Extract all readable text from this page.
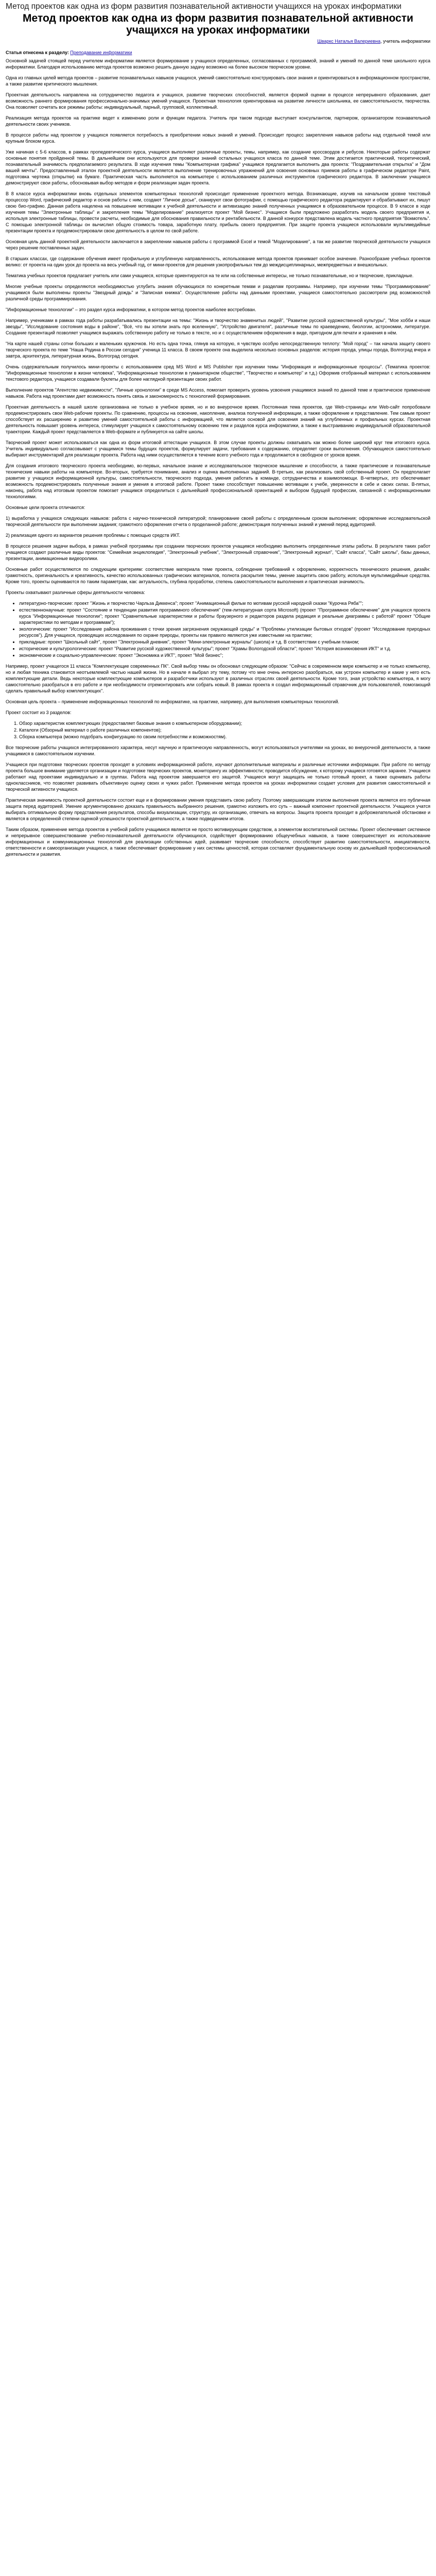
Метод проектов как одна из форм развития познавательной активности учащихся на уроках информатики
Метод проектов как одна из форм развития познавательной активности учащихся на уроках информатики
Шваркс Наталья Валериевна, учитель информатики
Статья отнесена к разделу: Преподавание информатики

Основной задачей стоящей перед учителем информатики является формирование у учащихся определенных, согласованных с программой, знаний и умений по данной теме школьного курса информатики. Благодаря использованию метода проектов возможно решить данную задачу возможно на более высоком творческом уровне.

Одна из главных целей метода проектов – развитие познавательных навыков учащихся, умений самостоятельно конструировать свои знания и ориентироваться в информационном пространстве, а также развитие критического мышления.

Проектная деятельность направлена на сотрудничество педагога и учащихся, развитие творческих способностей, является формой оценки в процессе непрерывного образования, дает возможность раннего формирования профессионально-значимых умений учащихся. Проектная технология ориентирована на развитие личности школьника, ее самостоятельности, творчества. Она позволяет сочетать все режимы работы: индивидуальный, парный, групповой, коллективный.

Реализация метода проектов на практике ведет к изменению роли и функции педагога. Учитель при таком подходе выступает консультантом, партнером, организатором познавательной деятельности своих учеников.

В процессе работы над проектом у учащихся появляется потребность в приобретении новых знаний и умений. Происходит процесс закрепления навыков работы над отдельной темой или крупным блоком курса.

Уже начиная с 5-6 классов, в рамках пропедевтического курса, учащиеся выполняют различные проекты, темы, например, как создание кроссвордов и ребусов. Некоторые работы содержат основные понятия пройденной темы. В дальнейшем они используются для проверки знаний остальных учащихся класса по данной теме. Этим достигается практический, теоретический, познавательный значимость предполагаемого результата. В ходе изучения темы "Компьютерная графика" учащимся предлагается выполнить два проекта: "Поздравительная открытка" и "Дом вашей мечты". Предоставленный эталон проектной деятельности является выполнение тренировочных упражнений для освоения основных приемов работы в графическом редакторе Paint, подготовка чертежа (открытки) на бумаге. Практическая часть выполняется на компьютере с использованием различных инструментов графического редактора. В заключении учащиеся демонстрируют свои работы, обосновывая выбор методов и форм реализации задач проекта.

В 8 классе курса информатики вновь отдельных элементов компьютерных технологий происходит применение проектного метода. Возникающие, изучив на начальном уровне текстовый процессор Word, графический редактор и основ работы с ним, создают "Личное досье", сканируют свои фотографии, с помощью графического редактора редактируют и обрабатывают их, пишут свою био-графию. Данная работа нацелена на повышение мотивации к учебной деятельности и активизацию знаний полученных учащимися в образовательном процессе. В 9 классе в ходе изучения темы "Электронные таблицы" и закрепления темы "Моделирование" реализуется проект "Мой бизнес". Учащиеся были предложено разработать модель своего предприятия и, используя электронные таблицы, провести расчеты, необходимые для обоснования правильности и рентабельности. В данной конкурсе представлена модель частного предприятия "Вокмотель". С помощью электронной таблицы он вычислил общую стоимость товара, заработную плату, прибыль своего предприятия. При защите проекта учащиеся использовали мультимедийные презентации проекта и продемонстрировали свою деятельность в целом по свой работе.

Основная цель данной проектной деятельности заключается в закреплении навыков работы с программой Excel и темой "Моделирование", а так же развитие творческой деятельности учащихся через решение поставленных задач.

В старших классах, где содержание обучения имеет профильную и углубленную направленность, использование метода проектов принимает особое значение. Разнообразие учебных проектов велико: от проекта на один урок до проекта на весь учебный год, от мини-проектов для решения узкопрофильных тем до междисциплинарных, межпредметных и внешкольных.

Тематика учебных проектов предлагает учитель или сами учащиеся, которые ориентируются на те или на собственные интересы, не только познавательные, но и творческие, прикладные.

Многие учебные проекты определяются необходимостью углубить знания обучающихся по конкретным темам и разделам программы. Например, при изучении темы "Программирование" учащимися были выполнены проекты "Звездный дождь" и "Записная книжка". Осуществление работы над данными проектами, учащиеся самостоятельно рассмотрели ряд возможностей различной среды программирования.

"Информационные технологии" – это раздел курса информатики, в котором метод проектов наиболее востребован.

Например, учениками в рамках года работы разрабатывались презентации на темы: "Жизнь и творчество знаменитых людей", "Развитие русской художественной культуры", "Мое хобби и наши звезды", "Исследование состояния воды в районе", "Всё, что вы хотели знать про вселенную", "Устройство двигателя", различные темы по краеведению, биологии, астрономии, литературе. Создание презентаций позволяет учащимся выражать собственную работу не только в тексте, но и с осуществлением оформления в виде, пригодном для печати и хранения в нём.

"На карте нашей страны сотни больших и маленьких кружочков. Но есть одна точка, глянув на которую, я чувствую особую непосредственную теплоту: "Мой город" – так начала защиту своего творческого проекта по теме "Наша Родина в России сегодня" ученица 11 класса. В своем проекте она выделила несколько основных разделов: история города, улицы города, Волгоград вчера и завтра, архитектура, литературная жизнь, Волгоград сегодня.

Очень содержательным получилось мини-проекты с использованием сред MS Word и MS Publisher при изучении темы "Информация и информационные процессы". (Тематика проектов: "Информационные технологии в жизни человека", "Информационные технологии в гуманитарном обществе", "Творчество и компьютер" и т.д.) Оформив отобранный материал с использованием текстового редактора, учащиеся создавали буклеты для более наглядной презентации своих работ.

Выполнение проектов "Агентство недвижимости", "Личные хронологии" в среде MS Access, помогает проверить уровень усвоения учащимися знаний по данной теме и практическое применение навыков. Работа над проектами дает возможность понять связь и закономерность с технологией формирования.

Проектная деятельность в нашей школе организована не только в учебное время, но и во внеурочное время. Постоянная тема проектов, где Web-страницы или Web-сайт попробовали продемонстрировать свои Web-рабочие проекты. По сравнению, процессы на освоение, накопление, анализа полученной информации, а также оформление и представление. Тем самым проект способствует их расширению и развитию умений самостоятельной работы с информацией, что является основой для освоения знаний на углубленных и профильных курсах. Проектная деятельность повышает уровень интереса, стимулирует учащихся к самостоятельному освоению тем и разделов курса информатики, а также к выстраиванию индивидуальной образовательной траектории. Каждый проект представляется в Web-формате и публикуется на сайте школы.

Творческий проект может использоваться как одна из форм итоговой аттестации учащихся. В этом случае проекты должны охватывать как можно более широкий круг тем итогового курса. Учитель индивидуально согласовывает с учащимися темы будущих проектов, формулирует задачи, требования к содержанию, определяет сроки выполнения. Обучающиеся самостоятельно выбирают инструментарий для реализации проекта. Работа над ними осуществляется в течение всего учебного года и продолжается в свободное от уроков время.

Для создания итогового творческого проекта необходимо, во-первых, начальное знание и исследовательское творческое мышление и способности, а также практические и познавательные технические навыки работы на компьютере. Во-вторых, требуется понимание, анализ и оценка выполненных заданий. В-третьих, как реализовать свой собственный проект. Он предполагает развитие у учащихся информационной культуры, самостоятельности, творческого подхода, умения работать в команде, сотрудничества и взаимопомощи. В-четвертых, это обеспечивает возможность продемонстрировать полученные знания и умения в итоговой работе. Проект также способствует повышению мотивации к учебе, уверенности в себе и своих силах. В-пятых, наконец, работа над итоговым проектом помогает учащимся определиться с дальнейшей профессиональной ориентацией и выбором будущей профессии, связанной с информационными технологиями.

Основные цели проекта отличаются:

1) выработка у учащихся следующих навыков: работа с научно-технической литературой; планирование своей работы с определенным сроком выполнения; оформление исследовательской творческой деятельности при выполнении задания; грамотного оформления отчета о проделанной работе; демонстрация полученных знаний и умений перед аудиторией.

2) реализация одного из вариантов решения проблемы с помощью средств ИКТ.

В процессе решения задачи выбора, в рамках учебной программы при создании творческих проектов учащимся необходимо выполнить определенные этапы работы. В результате таких работ учащиеся создают различные виды проектов: "Семейная энциклопедия", "Электронный учебник", "Электронный справочник", "Электронный журнал", "Сайт класса", "Сайт школы", базы данных, презентации, анимационные видеоролики.

Основные работ осуществляются по следующим критериям: соответствие материала теме проекта, соблюдение требований к оформлению, корректность технического решения, дизайн: грамотность, оригинальность и креативность, качество использованных графических материалов, полнота раскрытия темы, умение защитить свою работу, используя мультимедийные средства. Кроме того, проекты оцениваются по таким параметрам, как: актуальность, глубина проработки, степень самостоятельности выполнения и практическая значимость.

Проекты охватывают различные сферы деятельности человека:

• литературно-творческие: проект "Жизнь и творчество Чарльза Диккенса"; проект "Анимационный фильм по мотивам русской народной сказки "Курочка Ряба"";
• естественнонаучные: проект "Состояние и тенденции развития программного обеспечения" (тем-литературная сорта Microsoft) (проект "Программное обеспечение" для учащихся проекта курса "Информационные технологии"; проект "Сравнительные характеристики и работы браузерного и редакторов раздела редакция и реальные диаграммы с работой" проект "Общие характеристики по методам и программам");
• экологические: проект "Исследование района проживания с точки зрения загрязнения окружающей среды" и "Проблемы утилизации бытовых отходов" (проект "Исследование природных ресурсов"). Для учащихся, проводящих исследования по охране природы, проекты как правило являются уже известными на практике;
• прикладные: проект "Школьный сайт", проект "Электронный дневник", проект "Мини-электронные журналы" (школа) и т.д. В соответствии с учебным планом;
• исторические и культурологические: проект "Развитие русской художественной культуры"; проект "Храмы Вологодской области"; проект "История возникновения ИКТ" и т.д.
• экономические и социально-управленческие: проект "Экономика и ИКТ", проект "Мой бизнес";

Например, проект учащегося 11 класса "Комплектующие современных ПК". Свой выбор темы он обосновал следующим образом: "Сейчас в современном мире компьютер и не только компьютер, но и любая техника становится неотъемлемой частью нашей жизни. Но в начале я выбрал эту тему, потому что мне очень интересно разобраться, как устроен компьютер и какие у него есть комплектующие детали. Ведь некоторые комплектующие компьютеров и разработчики используют в различных отраслях своей деятельности. Кроме того, зная устройство компьютера, я могу самостоятельно разобраться в его работе и при необходимости отремонтировать или собрать новый. В рамках проекта я создал информационный справочник для пользователей, помогающий сделать правильный выбор комплектующих".

Основная цель проекта – применение информационных технологий по информатике, на практике, например, для выполнения компьютерных технологий.

Проект состоит из 3 разделов:

1. Обзор характеристик комплектующих (предоставляет базовые знания о компьютерном оборудовании);
2. Каталоги (Обзорный материал о работе различных компонентов);
3. Сборка компьютера (можно подобрать конфигурацию по своим потребностям и возможностям).

Все творческие работы учащихся интегрированного характера, несут научную и практическую направленность, могут использоваться учителями на уроках, во внеурочной деятельности, а также учащимися в самостоятельном изучении.

Учащиеся при подготовке творческих проектов проходят в условиях информационной работе, изучают дополнительные материалы и различные источники информации. При работе по методу проекта большое внимание уделяется организации и подготовке творческих проектов, мониторингу их эффективности; проводится обсуждение, к которому учащиеся готовятся заранее. Учащиеся работают над проектами индивидуально и в группах. Работа над проектом завершается его защитой. Учащиеся могут защищать не только готовый проект, а также оценивать работы одноклассников, что позволяет развивать объективную оценку своих и чужих работ. Применение метода проектов на уроках информатики создает условия для развития самостоятельной и творческой активности учащихся.

Практическая значимость проектной деятельности состоит еще и в формировании умения представить свою работу. Поэтому завершающим этапом выполнения проекта является его публичная защита перед аудиторией. Умение аргументированно доказать правильность выбранного решения, грамотно изложить его суть – важный компонент проектной деятельности. Учащиеся учатся выбирать оптимальную форму представления результатов, способы визуализации, структуру, их организацию, отвечать на вопросы. Защита проекта проходит в доброжелательной обстановке и является в определенной степени оценкой успешности проектной деятельности, а также подведением итогов.

Таким образом, применение метода проектов в учебной работе учащимися является не просто мотивирующим средством, а элементом воспитательной системы. Проект обеспечивает системное и непрерывное совершенствование учебно-познавательной деятельности обучающихся, содействует формированию общеучебных навыков, а также совершенствует их использование информационных и коммуникационных технологий для реализации собственных идей, развивает творческие способности, способствует развитию самостоятельности, инициативности, ответственности и самоорганизации учащихся, а также обеспечивает формирование у них системы ценностей, которая составляет фундаментальную основу их дальнейшей профессиональной деятельности и развития.
